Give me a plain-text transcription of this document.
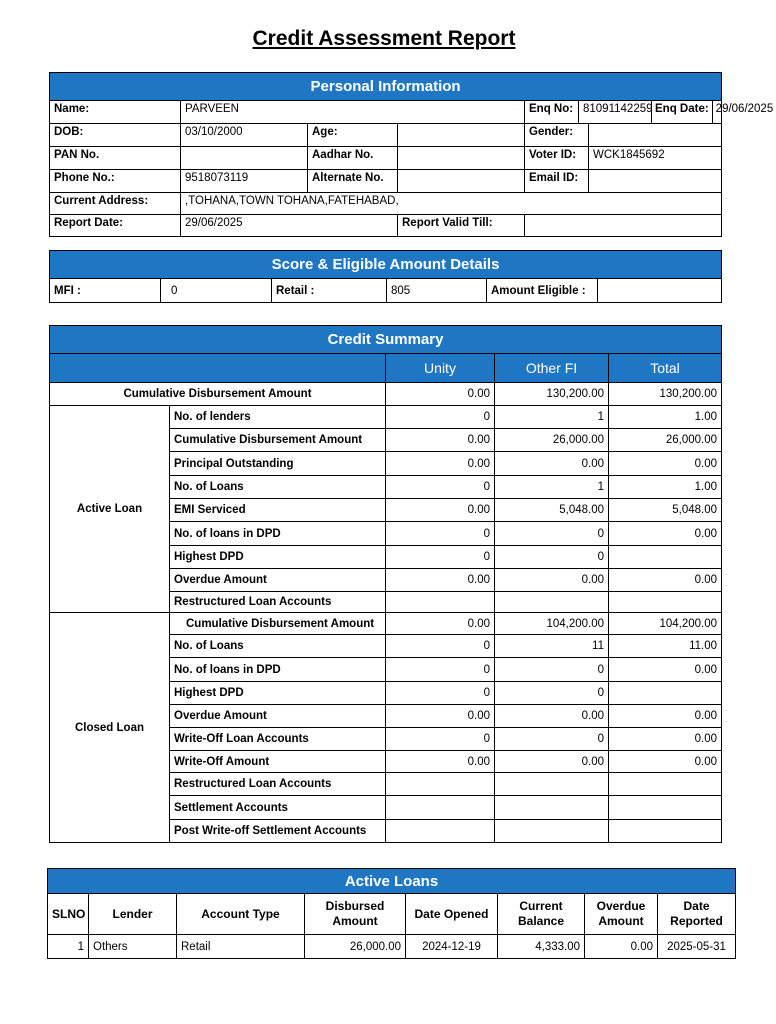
Credit Assessment Report
Personal Information							
Name:	PARVEEN			Enq No:	81091142259		Enq Date: 29/06/2025

DOB:	03/10/2000	Age:		Gender:			
PAN No.		Aadhar No.		Voter ID:		WCK1845692	
Phone No.:	9518073119	Alternate No.		Email ID:			
Current Address:	,TOHANA,TOWN TOHANA,FATEHABAD,						
Report Date:	29/06/2025		Report Valid Till:				
Score & Eligible Amount Details
MFI :	0	Retail :	805	Amount Eligible :	
Credit Summary				
		Unity	Other FI	Total
Cumulative Disbursement Amount		0.00	130,200.00	130,200.00
Active Loan	No. of lenders	0	1	1.00
	Cumulative Disbursement Amount	0.00	26,000.00	26,000.00
	Principal Outstanding	0.00	0.00	0.00
	No. of Loans	0	1	1.00
	EMI Serviced	0.00	5,048.00	5,048.00
	No. of loans in DPD	0	0	0.00
	Highest DPD	0	0	
	Overdue Amount	0.00	0.00	0.00
	Restructured Loan Accounts			
Closed Loan	Cumulative Disbursement Amount	0.00	104,200.00	104,200.00
	No. of Loans	0	11	11.00
	No. of loans in DPD	0	0	0.00
	Highest DPD	0	0	
	Overdue Amount	0.00	0.00	0.00
	Write-Off Loan Accounts	0	0	0.00
	Write-Off Amount	0.00	0.00	0.00
	Restructured Loan Accounts			
	Settlement Accounts			
	Post Write-off Settlement Accounts			
Active Loans							
SLNO	Lender	Account Type	Disbursed Amount	Date Opened	Current Balance	Overdue Amount	Date Reported
1	Others	Retail	26,000.00	2024-12-19	4,333.00	0.00	2025-05-31
